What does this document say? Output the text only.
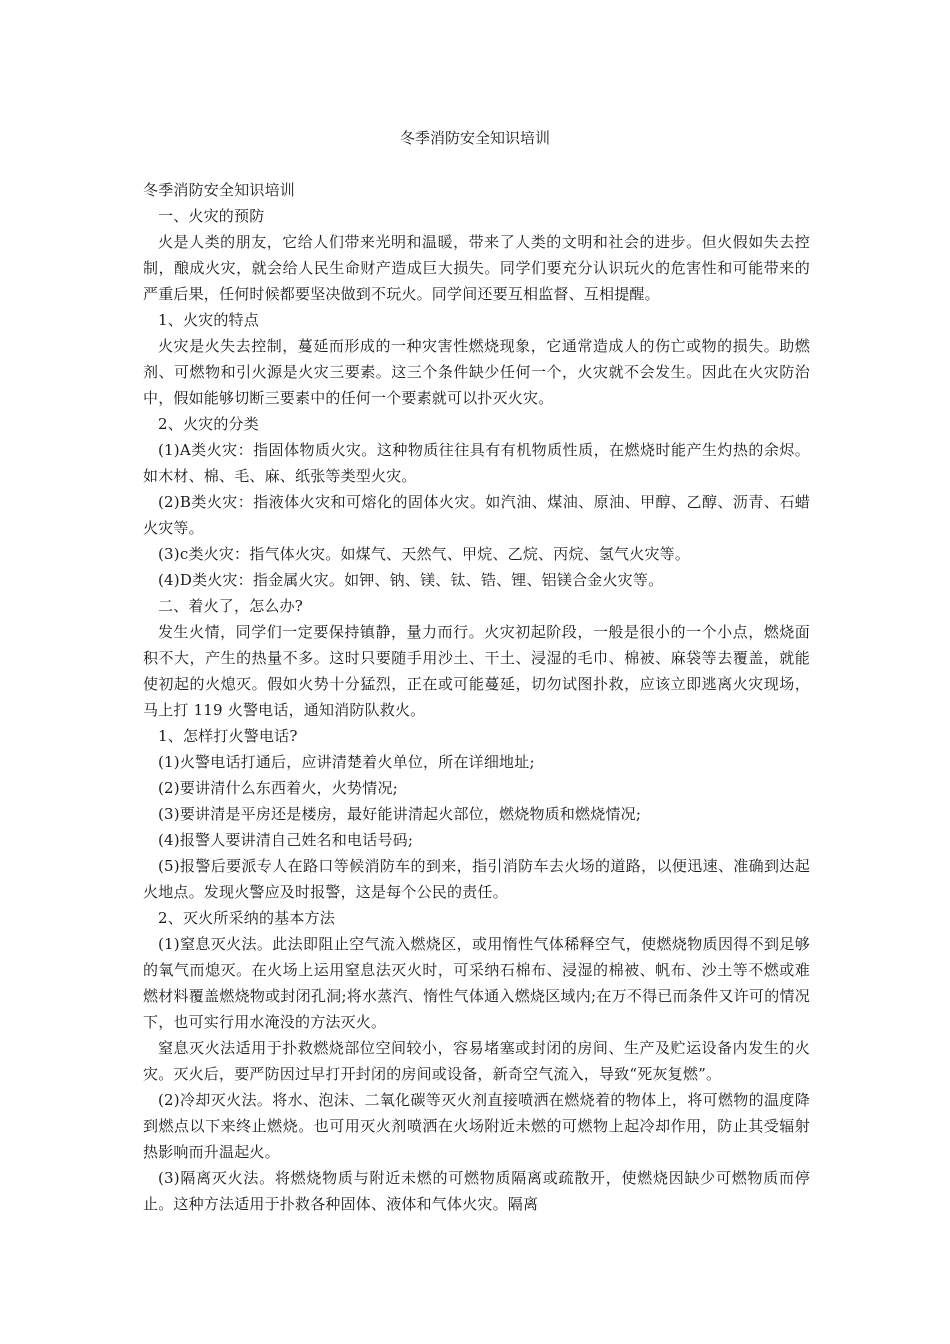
冬季消防安全知识培训

冬季消防安全知识培训

一、火灾的预防

火是人类的朋友，它给人们带来光明和温暖，带来了人类的文明和社会的进步。但火假如失去控制，酿成火灾，就会给人民生命财产造成巨大损失。同学们要充分认识玩火的危害性和可能带来的严重后果，任何时候都要坚决做到不玩火。同学间还要互相监督、互相提醒。

1、火灾的特点

火灾是火失去控制，蔓延而形成的一种灾害性燃烧现象，它通常造成人的伤亡或物的损失。助燃剂、可燃物和引火源是火灾三要素。这三个条件缺少任何一个，火灾就不会发生。因此在火灾防治中，假如能够切断三要素中的任何一个要素就可以扑灭火灾。

2、火灾的分类

(1)A类火灾：指固体物质火灾。这种物质往往具有有机物质性质，在燃烧时能产生灼热的余烬。如木材、棉、毛、麻、纸张等类型火灾。

(2)B类火灾：指液体火灾和可熔化的固体火灾。如汽油、煤油、原油、甲醇、乙醇、沥青、石蜡火灾等。

(3)c类火灾：指气体火灾。如煤气、天然气、甲烷、乙烷、丙烷、氢气火灾等。

(4)D类火灾：指金属火灾。如钾、钠、镁、钛、锆、锂、铝镁合金火灾等。

二、着火了，怎么办?

发生火情，同学们一定要保持镇静，量力而行。火灾初起阶段，一般是很小的一个小点，燃烧面积不大，产生的热量不多。这时只要随手用沙土、干土、浸湿的毛巾、棉被、麻袋等去覆盖，就能使初起的火熄灭。假如火势十分猛烈，正在或可能蔓延，切勿试图扑救，应该立即逃离火灾现场，马上打 119 火警电话，通知消防队救火。

1、怎样打火警电话?

(1)火警电话打通后，应讲清楚着火单位，所在详细地址;

(2)要讲清什么东西着火，火势情况;

(3)要讲清是平房还是楼房，最好能讲清起火部位，燃烧物质和燃烧情况;

(4)报警人要讲清自己姓名和电话号码;

(5)报警后要派专人在路口等候消防车的到来，指引消防车去火场的道路，以便迅速、准确到达起火地点。发现火警应及时报警，这是每个公民的责任。

2、灭火所采纳的基本方法

(1)窒息灭火法。此法即阻止空气流入燃烧区，或用惰性气体稀释空气，使燃烧物质因得不到足够的氧气而熄灭。在火场上运用窒息法灭火时，可采纳石棉布、浸湿的棉被、帆布、沙土等不燃或难燃材料覆盖燃烧物或封闭孔洞;将水蒸汽、惰性气体通入燃烧区域内;在万不得已而条件又许可的情况下，也可实行用水淹没的方法灭火。

窒息灭火法适用于扑救燃烧部位空间较小，容易堵塞或封闭的房间、生产及贮运设备内发生的火灾。灭火后，要严防因过早打开封闭的房间或设备，新奇空气流入，导致“死灰复燃”。

(2)冷却灭火法。将水、泡沫、二氧化碳等灭火剂直接喷洒在燃烧着的物体上，将可燃物的温度降到燃点以下来终止燃烧。也可用灭火剂喷洒在火场附近未燃的可燃物上起冷却作用，防止其受辐射热影响而升温起火。

(3)隔离灭火法。将燃烧物质与附近未燃的可燃物质隔离或疏散开，使燃烧因缺少可燃物质而停止。这种方法适用于扑救各种固体、液体和气体火灾。隔离
